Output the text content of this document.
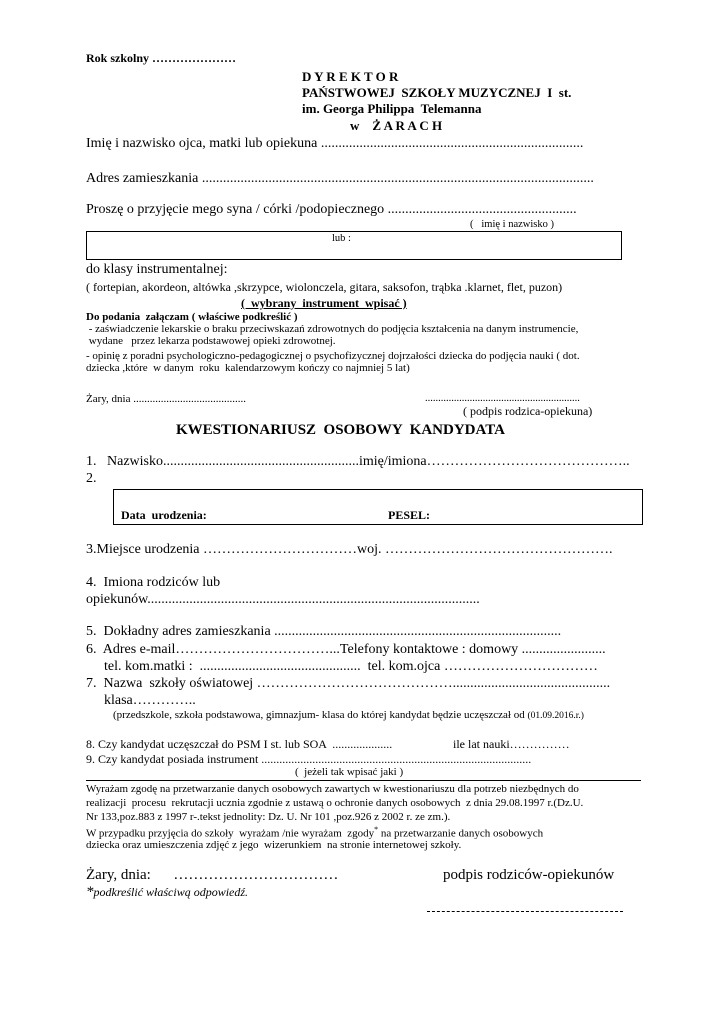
Rok szkolny …………………
D Y R E K T O R
PAŃSTWOWEJ  SZKOŁY MUZYCZNEJ  I  st.
im. Georga Philippa  Telemanna
w    Ż A R A C H
Imię i nazwisko ojca, matki lub opiekuna ...........................................................................
Adres zamieszkania ................................................................................................................
Proszę o przyjęcie mego syna / córki /podopiecznego ......................................................
(   imię i nazwisko )
lub :
do klasy instrumentalnej:
( fortepian, akordeon, altówka ,skrzypce, wiolonczela, gitara, saksofon, trąbka .klarnet, flet, puzon)
(  wybrany  instrument  wpisać )
Do podania  załączam ( właściwe podkreślić )
- zaświadczenie lekarskie o braku przeciwskazań zdrowotnych do podjęcia kształcenia na danym instrumencie,
wydane   przez lekarza podstawowej opieki zdrowotnej.
- opinię z poradni psychologiczno-pedagogicznej o psychofizycznej dojrzałości dziecka do podjęcia nauki ( dot.
dziecka ,które  w danym  roku  kalendarzowym kończy co najmniej 5 lat)
Żary, dnia .........................................	...........................................................
( podpis rodzica-opiekuna)
KWESTIONARIUSZ  OSOBOWY  KANDYDATA
1.   Nazwisko........................................................imię/imiona……………………………………..
2.
Data  urodzenia:	PESEL:
3.Miejsce urodzenia ……………………………woj. ………………………………………….
4.  Imiona rodziców lub
opiekunów...............................................................................................
5.  Dokładny adres zamieszkania ..................................................................................
6.  Adres e-mail……………………………...Telefony kontaktowe : domowy ........................
tel. kom.matki :  ..............................................  tel. kom.ojca ……………………………
7.  Nazwa  szkoły oświatowej …………………………………….............................................
klasa…………..
(przedszkole, szkoła podstawowa, gimnazjum- klasa do której kandydat będzie uczęszczał od (01.09.2016.r.)
8. Czy kandydat uczęszczał do PSM I st. lub SOA  ....................	ile lat nauki……………
9. Czy kandydat posiada instrument ..........................................................................................
(  jeżeli tak wpisać jaki )
Wyrażam zgodę na przetwarzanie danych osobowych zawartych w kwestionariuszu dla potrzeb niezbędnych do
realizacji  procesu  rekrutacji ucznia zgodnie z ustawą o ochronie danych osobowych  z dnia 29.08.1997 r.(Dz.U.
Nr 133,poz.883 z 1997 r-.tekst jednolity: Dz. U. Nr 101 ,poz.926 z 2002 r. ze zm.).
W przypadku przyjęcia do szkoły  wyrażam /nie wyrażam  zgody* na przetwarzanie danych osobowych
dziecka oraz umieszczenia zdjęć z jego  wizerunkiem  na stronie internetowej szkoły.
Żary, dnia:      ……………………………	podpis rodziców-opiekunów
*podkreślić właściwą odpowiedź.
